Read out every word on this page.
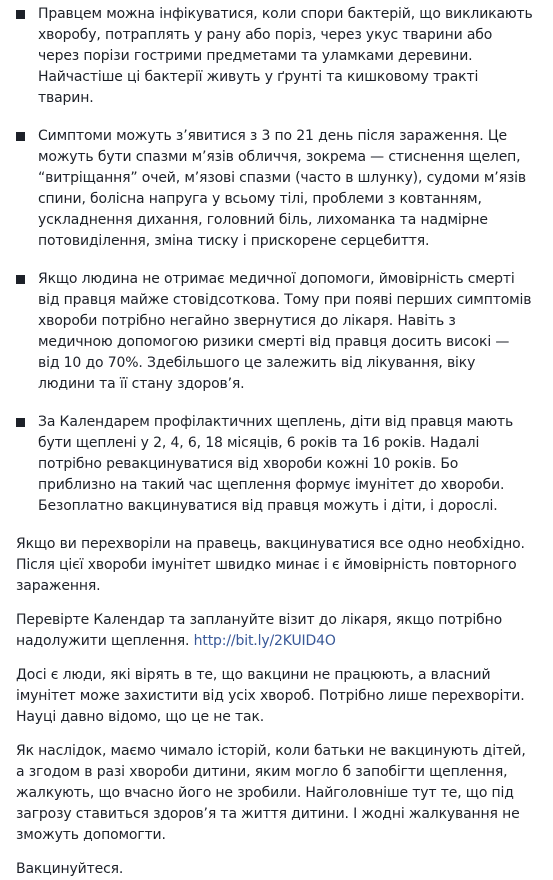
Правцем можна інфікуватися, коли спори бактерій, що викликають хворобу, потраплять у рану або поріз, через укус тварини або через порізи гострими предметами та уламками деревини. Найчастіше ці бактерії живуть у ґрунті та кишковому тракті тварин.
Симптоми можуть з’явитися з 3 по 21 день після зараження. Це можуть бути спазми м’язів обличчя, зокрема — стиснення щелеп, “витріщання” очей, м’язові спазми (часто в шлунку), судоми м’язів спини, болісна напруга у всьому тілі, проблеми з ковтанням, ускладнення дихання, головний біль, лихоманка та надмірне потовиділення, зміна тиску і прискорене серцебиття.
Якщо людина не отримає медичної допомоги, ймовірність смерті від правця майже стовідсоткова. Тому при появі перших симптомів хвороби потрібно негайно звернутися до лікаря. Навіть з медичною допомогою ризики смерті від правця досить високі — від 10 до 70%. Здебільшого це залежить від лікування, віку людини та її стану здоров’я.
За Календарем профілактичних щеплень, діти від правця мають бути щеплені у 2, 4, 6, 18 місяців, 6 років та 16 років. Надалі потрібно ревакцинуватися від хвороби кожні 10 років. Бо приблизно на такий час щеплення формує імунітет до хвороби. Безоплатно вакцинуватися від правця можуть і діти, і дорослі.

Якщо ви перехворіли на правець, вакцинуватися все одно необхідно. Після цієї хвороби імунітет швидко минає і є ймовірність повторного зараження.

Перевірте Календар та заплануйте візит до лікаря, якщо потрібно надолужити щеплення. http://bit.ly/2KUID4O

Досі є люди, які вірять в те, що вакцини не працюють, а власний імунітет може захистити від усіх хвороб. Потрібно лише перехворіти. Науці давно відомо, що це не так.

Як наслідок, маємо чимало історій, коли батьки не вакцинують дітей, а згодом в разі хвороби дитини, яким могло б запобігти щеплення, жалкують, що вчасно його не зробили. Найголовніше тут те, що під загрозу ставиться здоров’я та життя дитини. І жодні жалкування не зможуть допомогти.

Вакцинуйтеся.
